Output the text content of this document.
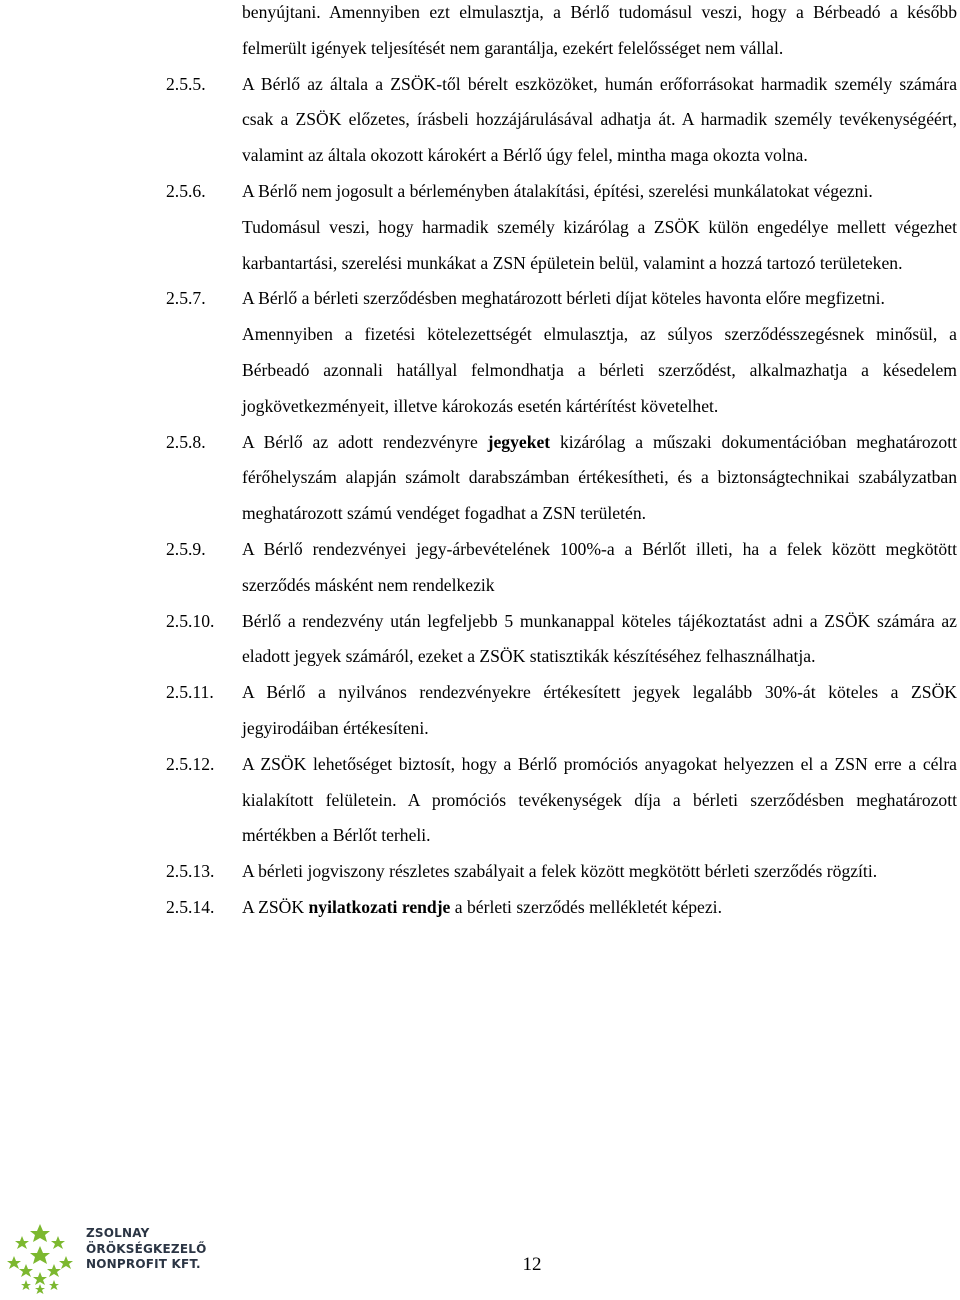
benyújtani. Amennyiben ezt elmulasztja, a Bérlő tudomásul veszi, hogy a Bérbeadó a később felmerült igények teljesítését nem garantálja, ezekért felelősséget nem vállal.

2.5.5.	A Bérlő az általa a ZSÖK-től bérelt eszközöket, humán erőforrásokat harmadik személy számára csak a ZSÖK előzetes, írásbeli hozzájárulásával adhatja át. A harmadik személy tevékenységéért, valamint az általa okozott károkért a Bérlő úgy felel, mintha maga okozta volna.

2.5.6.	A Bérlő nem jogosult a bérleményben átalakítási, építési, szerelési munkálatokat végezni.

Tudomásul veszi, hogy harmadik személy kizárólag a ZSÖK külön engedélye mellett végezhet karbantartási, szerelési munkákat a ZSN épületein belül, valamint a hozzá tartozó területeken.

2.5.7.	A Bérlő a bérleti szerződésben meghatározott bérleti díjat köteles havonta előre megfizetni.

Amennyiben a fizetési kötelezettségét elmulasztja, az súlyos szerződésszegésnek minősül, a Bérbeadó azonnali hatállyal felmondhatja a bérleti szerződést, alkalmazhatja a késedelem jogkövetkezményeit, illetve károkozás esetén kártérítést követelhet.

2.5.8.	A Bérlő az adott rendezvényre jegyeket kizárólag a műszaki dokumentációban meghatározott férőhelyszám alapján számolt darabszámban értékesítheti, és a biztonságtechnikai szabályzatban meghatározott számú vendéget fogadhat a ZSN területén.

2.5.9.	A Bérlő rendezvényei jegy-árbevételének 100%-a a Bérlőt illeti, ha a felek között megkötött szerződés másként nem rendelkezik

2.5.10.	Bérlő a rendezvény után legfeljebb 5 munkanappal köteles tájékoztatást adni a ZSÖK számára az eladott jegyek számáról, ezeket a ZSÖK statisztikák készítéséhez felhasználhatja.

2.5.11.	A Bérlő a nyilvános rendezvényekre értékesített jegyek legalább 30%-át köteles a ZSÖK jegyirodáiban értékesíteni.

2.5.12.	A ZSÖK lehetőséget biztosít, hogy a Bérlő promóciós anyagokat helyezzen el a ZSN erre a célra kialakított felületein. A promóciós tevékenységek díja a bérleti szerződésben meghatározott mértékben a Bérlőt terheli.

2.5.13.	A bérleti jogviszony részletes szabályait a felek között megkötött bérleti szerződés rögzíti.

2.5.14.	A ZSÖK nyilatkozati rendje a bérleti szerződés mellékletét képezi.

ZSOLNAY
ÖRÖKSÉGKEZELŐ
NONPROFIT KFT.	12
